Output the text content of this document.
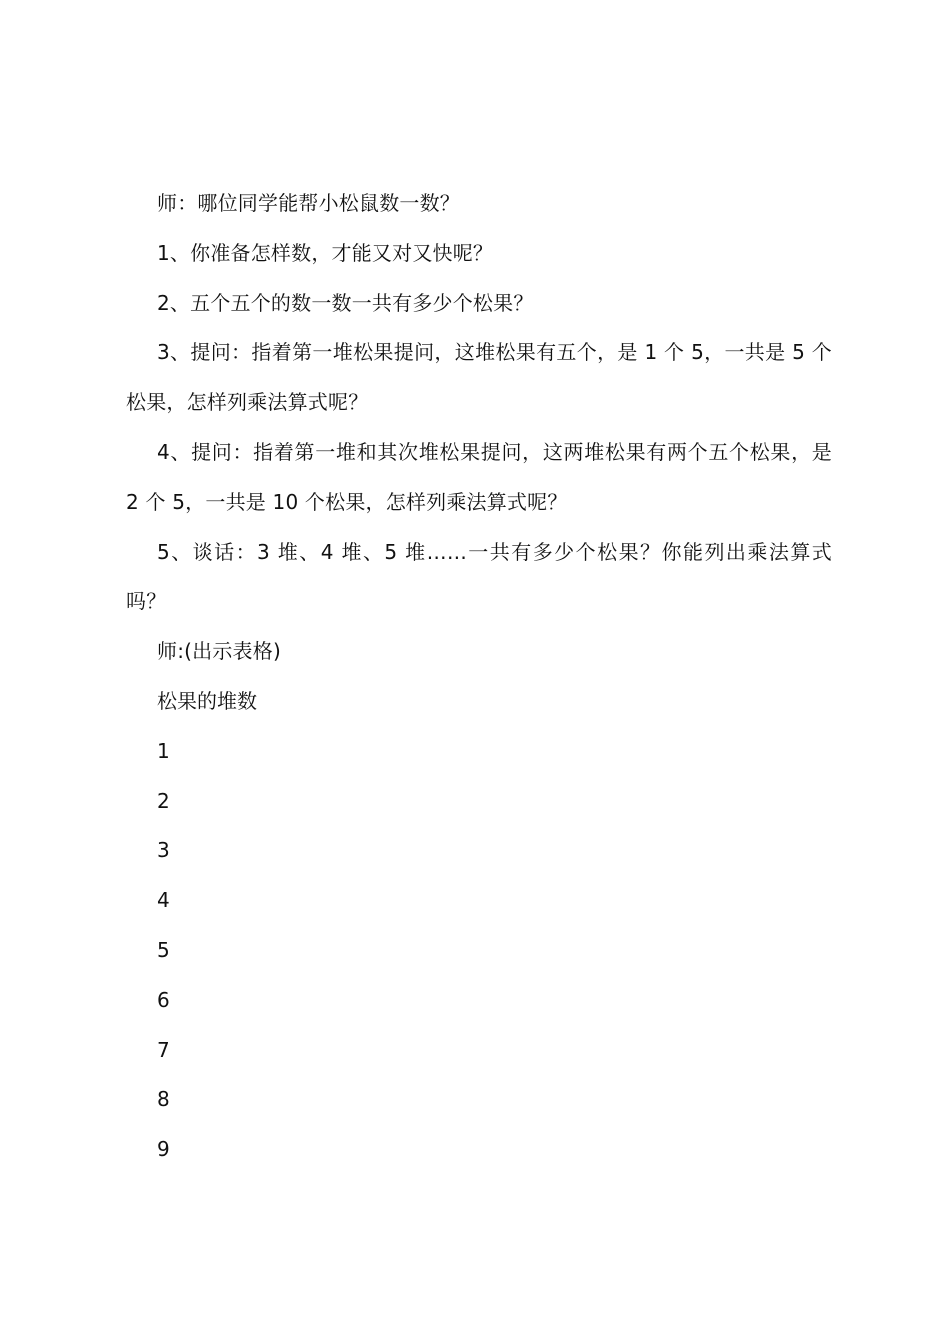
师：哪位同学能帮小松鼠数一数？

1、你准备怎样数，才能又对又快呢？

2、五个五个的数一数一共有多少个松果？

3、提问：指着第一堆松果提问，这堆松果有五个，是 1 个 5，一共是 5 个松果，怎样列乘法算式呢？

4、提问：指着第一堆和其次堆松果提问，这两堆松果有两个五个松果，是 2 个 5，一共是 10 个松果，怎样列乘法算式呢？

5、谈话：3 堆、4 堆、5 堆……一共有多少个松果？你能列出乘法算式吗？

师:(出示表格)

松果的堆数

1

2

3

4

5

6

7

8

9
